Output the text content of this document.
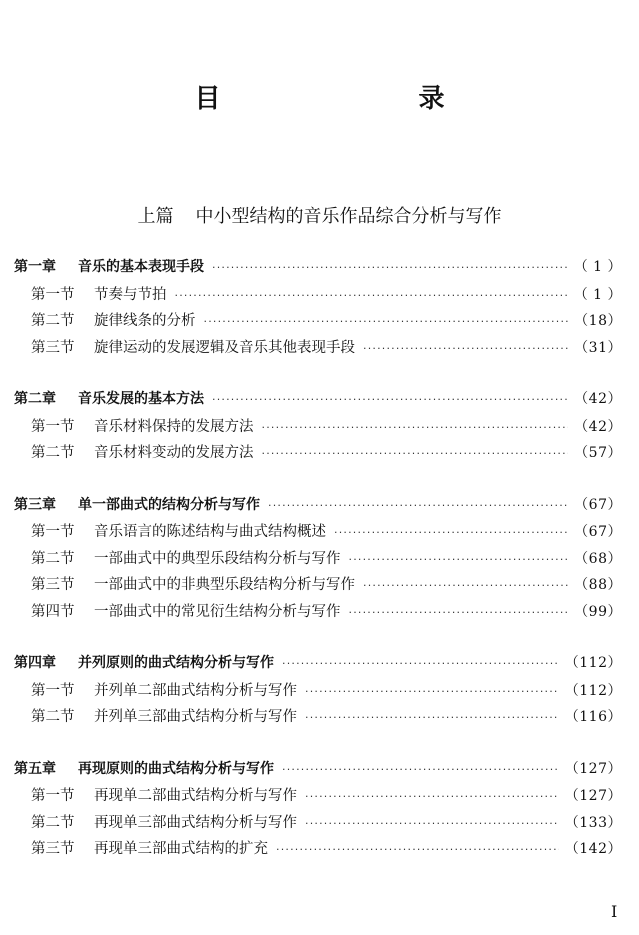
目　录
上篇 中小型结构的音乐作品综合分析与写作
第一章	音乐的基本表现手段 ·····	（ 1 ）
第一节	节奏与节拍 ·····	（ 1 ）
第二节	旋律线条的分析 ·····	（18）
第三节	旋律运动的发展逻辑及音乐其他表现手段 ·····	（31）
第二章	音乐发展的基本方法 ·····	（42）
第一节	音乐材料保持的发展方法 ·····	（42）
第二节	音乐材料变动的发展方法 ·····	（57）
第三章	单一部曲式的结构分析与写作 ·····	（67）
第一节	音乐语言的陈述结构与曲式结构概述 ·····	（67）
第二节	一部曲式中的典型乐段结构分析与写作 ·····	（68）
第三节	一部曲式中的非典型乐段结构分析与写作 ·····	（88）
第四节	一部曲式中的常见衍生结构分析与写作 ·····	（99）
第四章	并列原则的曲式结构分析与写作 ·····	（112）
第一节	并列单二部曲式结构分析与写作 ·····	（112）
第二节	并列单三部曲式结构分析与写作 ·····	（116）
第五章	再现原则的曲式结构分析与写作 ·····	（127）
第一节	再现单二部曲式结构分析与写作 ·····	（127）
第二节	再现单三部曲式结构分析与写作 ·····	（133）
第三节	再现单三部曲式结构的扩充 ·····	（142）
I
